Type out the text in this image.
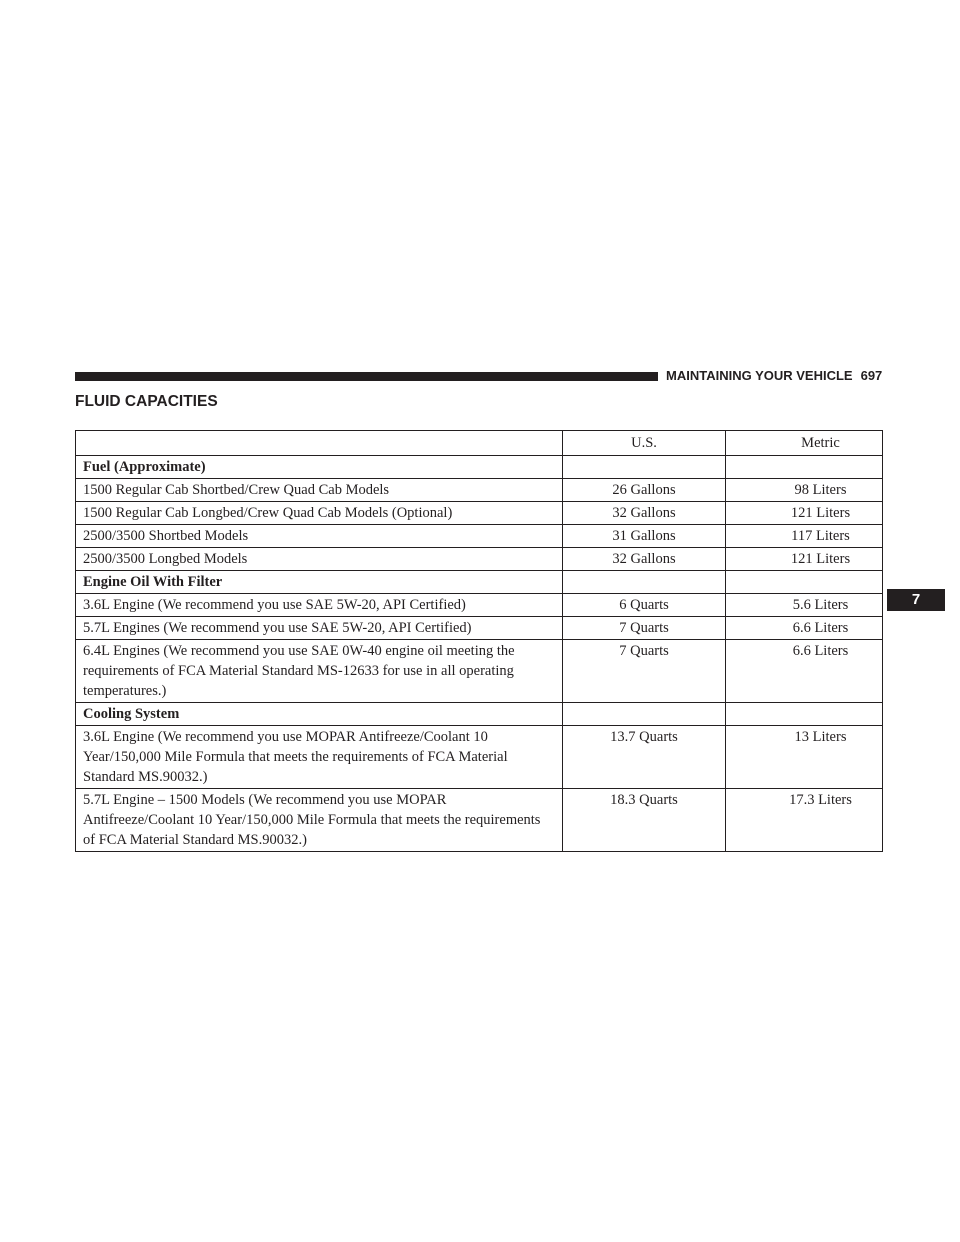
MAINTAINING YOUR VEHICLE 697
FLUID CAPACITIES
7
	U.S.	Metric
Fuel (Approximate)		
1500 Regular Cab Shortbed/Crew Quad Cab Models	26 Gallons	98 Liters
1500 Regular Cab Longbed/Crew Quad Cab Models (Optional)	32 Gallons	121 Liters
2500/3500 Shortbed Models	31 Gallons	117 Liters
2500/3500 Longbed Models	32 Gallons	121 Liters
Engine Oil With Filter		
3.6L Engine (We recommend you use SAE 5W-20, API Certified)	6 Quarts	5.6 Liters
5.7L Engines (We recommend you use SAE 5W-20, API Certified)	7 Quarts	6.6 Liters
6.4L Engines (We recommend you use SAE 0W-40 engine oil meeting the requirements of FCA Material Standard MS-12633 for use in all operating temperatures.)	7 Quarts	6.6 Liters
Cooling System		
3.6L Engine (We recommend you use MOPAR Antifreeze/Coolant 10 Year/150,000 Mile Formula that meets the requirements of FCA Material Standard MS.90032.)	13.7 Quarts	13 Liters
5.7L Engine – 1500 Models (We recommend you use MOPAR Antifreeze/Coolant 10 Year/150,000 Mile Formula that meets the requirements of FCA Material Standard MS.90032.)	18.3 Quarts	17.3 Liters
